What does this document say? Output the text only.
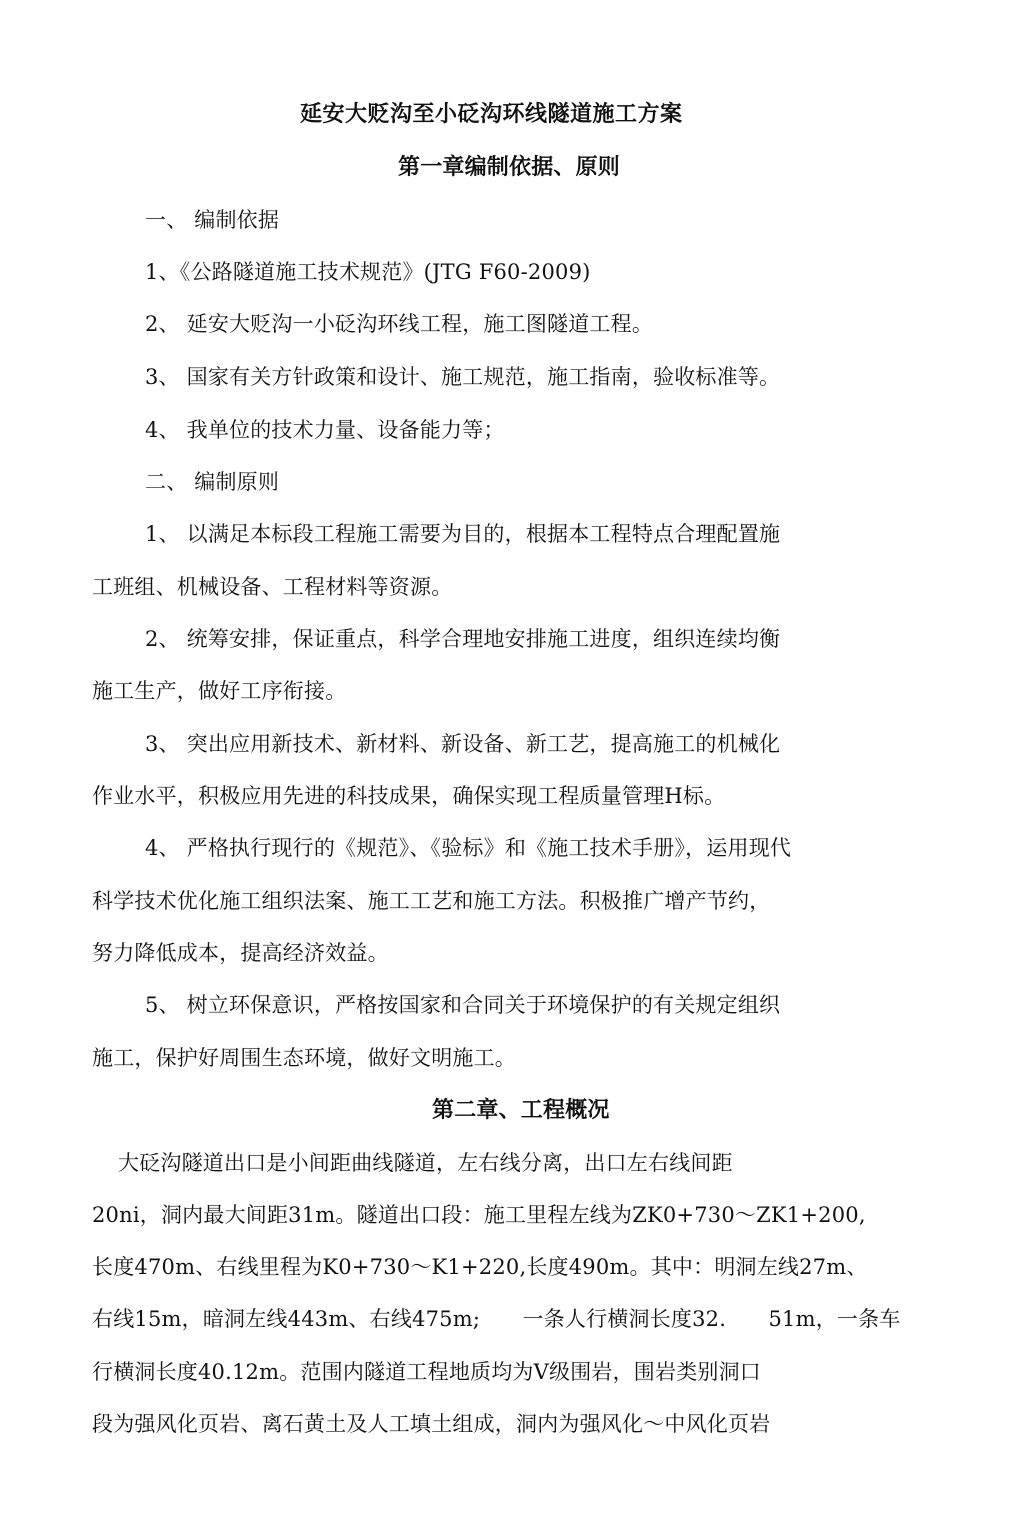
延安大贬沟至小砭沟环线隧道施工方案
第一章编制依据、原则
一、 编制依据
1、《公路隧道施工技术规范》(JTG F60-2009)
2、 延安大贬沟一小砭沟环线工程，施工图隧道工程。
3、 国家有关方针政策和设计、施工规范，施工指南，验收标准等。
4、 我单位的技术力量、设备能力等；
二、 编制原则
1、 以满足本标段工程施工需要为目的，根据本工程特点合理配置施
工班组、机械设备、工程材料等资源。
2、 统筹安排，保证重点，科学合理地安排施工进度，组织连续均衡
施工生产，做好工序衔接。
3、 突出应用新技术、新材料、新设备、新工艺，提高施工的机械化
作业水平，积极应用先进的科技成果，确保实现工程质量管理H标。
4、 严格执行现行的《规范》、《验标》和《施工技术手册》，运用现代
科学技术优化施工组织法案、施工工艺和施工方法。积极推广增产节约，
努力降低成本，提高经济效益。
5、 树立环保意识，严格按国家和合同关于环境保护的有关规定组织
施工，保护好周围生态环境，做好文明施工。
第二章、工程概况
大砭沟隧道出口是小间距曲线隧道，左右线分离，出口左右线间距
20ni，洞内最大间距31m。隧道出口段：施工里程左线为ZK0+730～ZK1+200,
长度470m、右线里程为K0+730～K1+220,长度490m。其中：明洞左线27m、
右线15m，暗洞左线443m、右线475m;　　一条人行横洞长度32.　　51m，一条车
行横洞长度40.12m。范围内隧道工程地质均为V级围岩，围岩类别洞口
段为强风化页岩、离石黄土及人工填土组成，洞内为强风化～中风化页岩
